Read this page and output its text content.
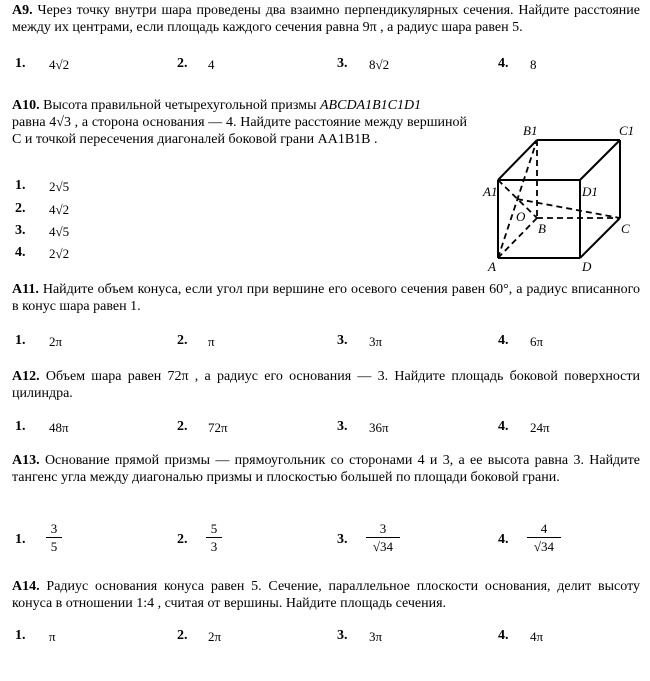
A9. Через точку внутри шара проведены два взаимно перпендикулярных сечения. Найдите расстояние между их центрами, если площадь каждого сечения равна 9π , а радиус шара равен 5.
1. 4√2	2. 4	3. 8√2	4. 8
A10. Высота правильной четырехугольной призмы ABCDA1B1C1D1
равна 4√3 , а сторона основания — 4. Найдите расстояние между вершиной C и точкой пересечения диагоналей боковой грани AA1B1B .
1. 2√5
2. 4√2
3. 4√5
4. 2√2
B1	C1
A1	D1
O
B	C
A	D
A11. Найдите объем конуса, если угол при вершине его осевого сечения равен 60°, а радиус вписанного в конус шара равен 1.
1. 2π	2. π	3. 3π	4. 6π
A12. Объем шара равен 72π , а радиус его основания — 3. Найдите площадь боковой поверхности цилиндра.
1. 48π	2. 72π	3. 36π	4. 24π
A13. Основание прямой призмы — прямоугольник со сторонами 4 и 3, а ее высота равна 3. Найдите тангенс угла между диагональю призмы и плоскостью большей по площади боковой грани.
1.
3
5	2.
5
3	3.
3
√34	4.
4
√34
A14. Радиус основания конуса равен 5. Сечение, параллельное плоскости основания, делит высоту конуса в отношении 1:4 , считая от вершины. Найдите площадь сечения.
1. π	2. 2π	3. 3π	4. 4π
